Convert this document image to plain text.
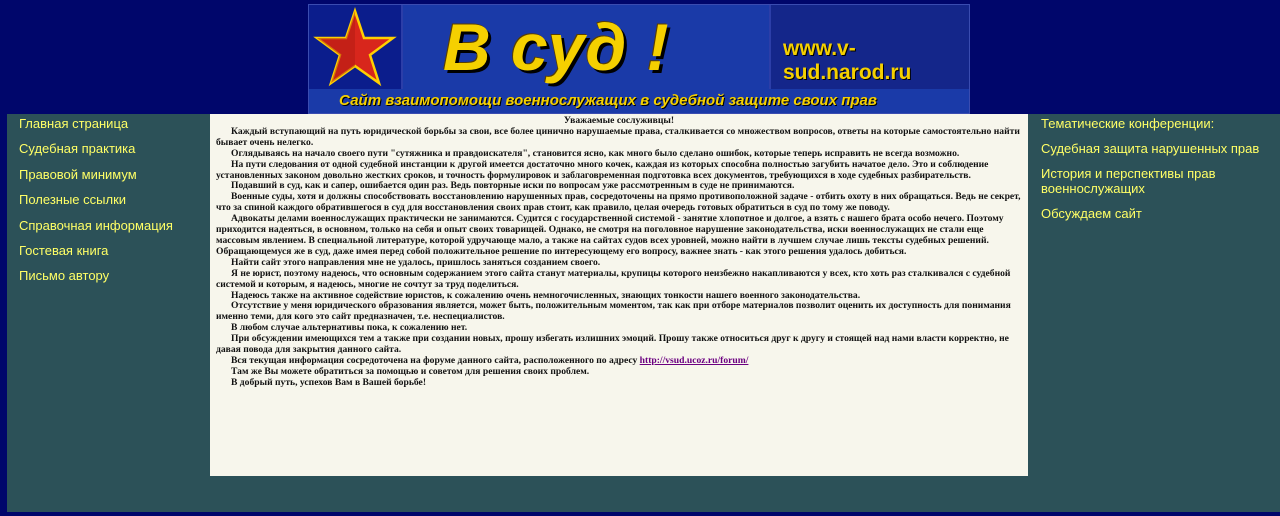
В суд !	www.v-sud.narod.ru
Сайт взаимопомощи военнослужащих в судебной защите своих прав
Главная страница
Судебная практика
Правовой минимум
Полезные ссылки
Справочная информация
Гостевая книга
Письмо автору
Уважаемые сослуживцы!

Каждый вступающий на путь юридической борьбы за свои, все более цинично нарушаемые права, сталкивается со множеством вопросов, ответы на которые самостоятельно найти бывает очень нелегко.

Оглядываясь на начало своего пути "сутяжника и правдоискателя", становится ясно, как много было сделано ошибок, которые теперь исправить не всегда возможно.

На пути следования от одной судебной инстанции к другой имеется достаточно много кочек, каждая из которых способна полностью загубить начатое дело. Это и соблюдение установленных законом довольно жестких сроков, и точность формулировок и заблаговременная подготовка всех документов, требующихся в ходе судебных разбирательств.

Подавший в суд, как и сапер, ошибается один раз. Ведь повторные иски по вопросам уже рассмотренным в суде не принимаются.

Военные суды, хотя и должны способствовать восстановлению нарушенных прав, сосредоточены на прямо противоположной задаче - отбить охоту в них обращаться. Ведь не секрет, что за спиной каждого обратившегося в суд для восстановления своих прав стоит, как правило, целая очередь готовых обратиться в суд по тому же поводу.

Адвокаты делами военнослужащих практически не занимаются. Судится с государственной системой - занятие хлопотное и долгое, а взять с нашего брата особо нечего. Поэтому приходится надеяться, в основном, только на себя и опыт своих товарищей. Однако, не смотря на поголовное нарушение законодательства, иски военнослужащих не стали еще массовым явлением. В специальной литературе, которой удручающе мало, а также на сайтах судов всех уровней, можно найти в лучшем случае лишь тексты судебных решений. Обращающемуся же в суд, даже имея перед собой положительное решение по интересующему его вопросу, важнее знать - как этого решения удалось добиться.

Найти сайт этого направления мне не удалось, пришлось заняться созданием своего.

Я не юрист, поэтому надеюсь, что основным содержанием этого сайта станут материалы, крупицы которого неизбежно накапливаются у всех, кто хоть раз сталкивался с судебной системой и которым, я надеюсь, многие не сочтут за труд поделиться.

Надеюсь также на активное содействие юристов, к сожалению очень немногочисленных, знающих тонкости нашего военного законодательства.

Отсутствие у меня юридического образования является, может быть, положительным моментом, так как при отборе материалов позволит оценить их доступность для понимания именно теми, для кого это сайт предназначен, т.е. неспециалистов.

В любом случае альтернативы пока, к сожалению нет.

При обсуждении имеющихся тем а также при создании новых, прошу избегать излишних эмоций. Прошу также относиться друг к другу и стоящей над нами власти корректно, не давая повода для закрытия данного сайта.

Вся текущая информация сосредоточена на форуме данного сайта, расположенного по адресу http://vsud.ucoz.ru/forum/

Там же Вы можете обратиться за помощью и советом для решения своих проблем.

В добрый путь, успехов Вам в Вашей борьбе!

Тематические конференции:
Судебная защита нарушенных прав
История и перспективы прав военнослужащих
Обсуждаем сайт
